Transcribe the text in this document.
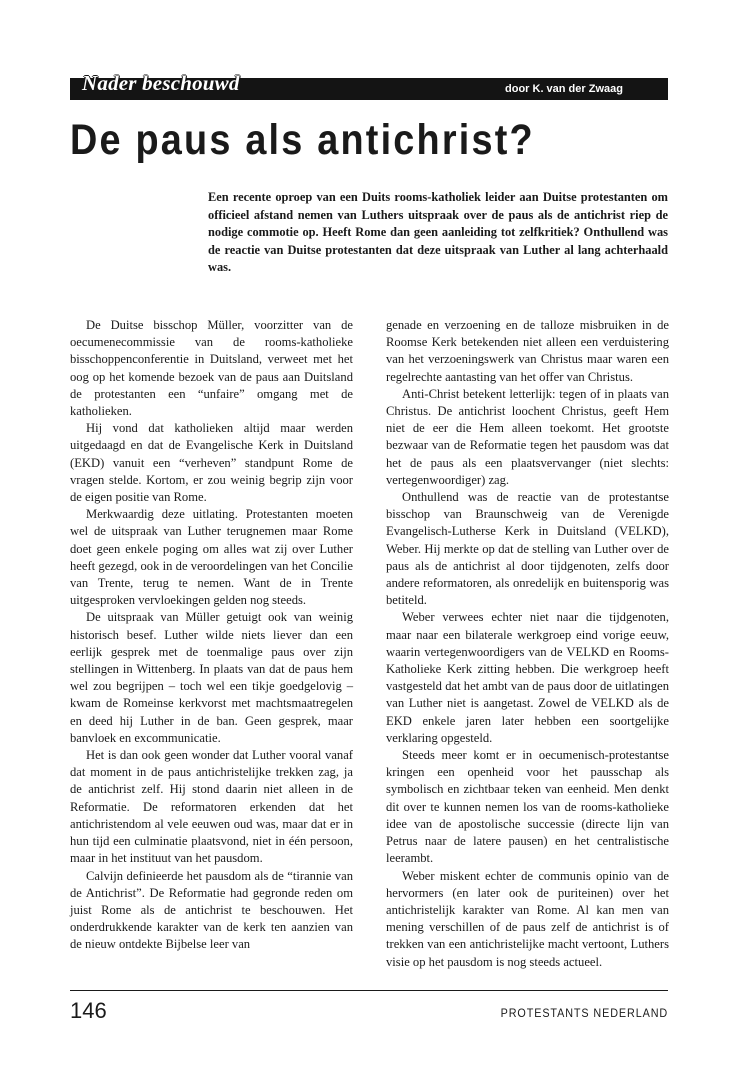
Nader beschouwd	door K. van der Zwaag

De paus als antichrist?

Een recente oproep van een Duits rooms-katholiek leider aan Duitse protestanten om officieel afstand nemen van Luthers uitspraak over de paus als de antichrist riep de nodige commotie op. Heeft Rome dan geen aanleiding tot zelfkritiek? Onthullend was de reactie van Duitse protestanten dat deze uitspraak van Luther al lang achterhaald was.

De Duitse bisschop Müller, voorzitter van de oecumenecommissie van de rooms-katholieke bisschoppenconferentie in Duitsland, verweet met het oog op het komende bezoek van de paus aan Duitsland de protestanten een “unfaire” omgang met de katholieken.

Hij vond dat katholieken altijd maar werden uitgedaagd en dat de Evangelische Kerk in Duitsland (EKD) vanuit een “verheven” standpunt Rome de vragen stelde. Kortom, er zou weinig begrip zijn voor de eigen positie van Rome.

Merkwaardig deze uitlating. Protestanten moeten wel de uitspraak van Luther terugnemen maar Rome doet geen enkele poging om alles wat zij over Luther heeft gezegd, ook in de veroordelingen van het Concilie van Trente, terug te nemen. Want de in Trente uitgesproken vervloekingen gelden nog steeds.

De uitspraak van Müller getuigt ook van weinig historisch besef. Luther wilde niets liever dan een eerlijk gesprek met de toenmalige paus over zijn stellingen in Wittenberg. In plaats van dat de paus hem wel zou begrijpen – toch wel een tikje goedgelovig – kwam de Romeinse kerkvorst met machtsmaatregelen en deed hij Luther in de ban. Geen gesprek, maar banvloek en excommunicatie.

Het is dan ook geen wonder dat Luther vooral vanaf dat moment in de paus antichristelijke trekken zag, ja de antichrist zelf. Hij stond daarin niet alleen in de Reformatie. De reformatoren erkenden dat het antichristendom al vele eeuwen oud was, maar dat er in hun tijd een culminatie plaatsvond, niet in één persoon, maar in het instituut van het pausdom.

Calvijn definieerde het pausdom als de “tirannie van de Antichrist”. De Reformatie had gegronde reden om juist Rome als de antichrist te beschouwen. Het onderdrukkende karakter van de kerk ten aanzien van de nieuw ontdekte Bijbelse leer van

genade en verzoening en de talloze misbruiken in de Roomse Kerk betekenden niet alleen een verduistering van het verzoeningswerk van Christus maar waren een regelrechte aantasting van het offer van Christus.

Anti-Christ betekent letterlijk: tegen of in plaats van Christus. De antichrist loochent Christus, geeft Hem niet de eer die Hem alleen toekomt. Het grootste bezwaar van de Reformatie tegen het pausdom was dat het de paus als een plaatsvervanger (niet slechts: vertegenwoordiger) zag.

Onthullend was de reactie van de protestantse bisschop van Braunschweig van de Verenigde Evangelisch-Lutherse Kerk in Duitsland (VELKD), Weber. Hij merkte op dat de stelling van Luther over de paus als de antichrist al door tijdgenoten, zelfs door andere reformatoren, als onredelijk en buitensporig was betiteld.

Weber verwees echter niet naar die tijdgenoten, maar naar een bilaterale werkgroep eind vorige eeuw, waarin vertegenwoordigers van de VELKD en Rooms-Katholieke Kerk zitting hebben. Die werkgroep heeft vastgesteld dat het ambt van de paus door de uitlatingen van Luther niet is aangetast. Zowel de VELKD als de EKD enkele jaren later hebben een soortgelijke verklaring opgesteld.

Steeds meer komt er in oecumenisch-protestantse kringen een openheid voor het pausschap als symbolisch en zichtbaar teken van eenheid. Men denkt dit over te kunnen nemen los van de rooms-katholieke idee van de apostolische successie (directe lijn van Petrus naar de latere pausen) en het centralistische leerambt.

Weber miskent echter de communis opinio van de hervormers (en later ook de puriteinen) over het antichristelijk karakter van Rome. Al kan men van mening verschillen of de paus zelf de antichrist is of trekken van een antichristelijke macht vertoont, Luthers visie op het pausdom is nog steeds actueel.

146	PROTESTANTS NEDERLAND
